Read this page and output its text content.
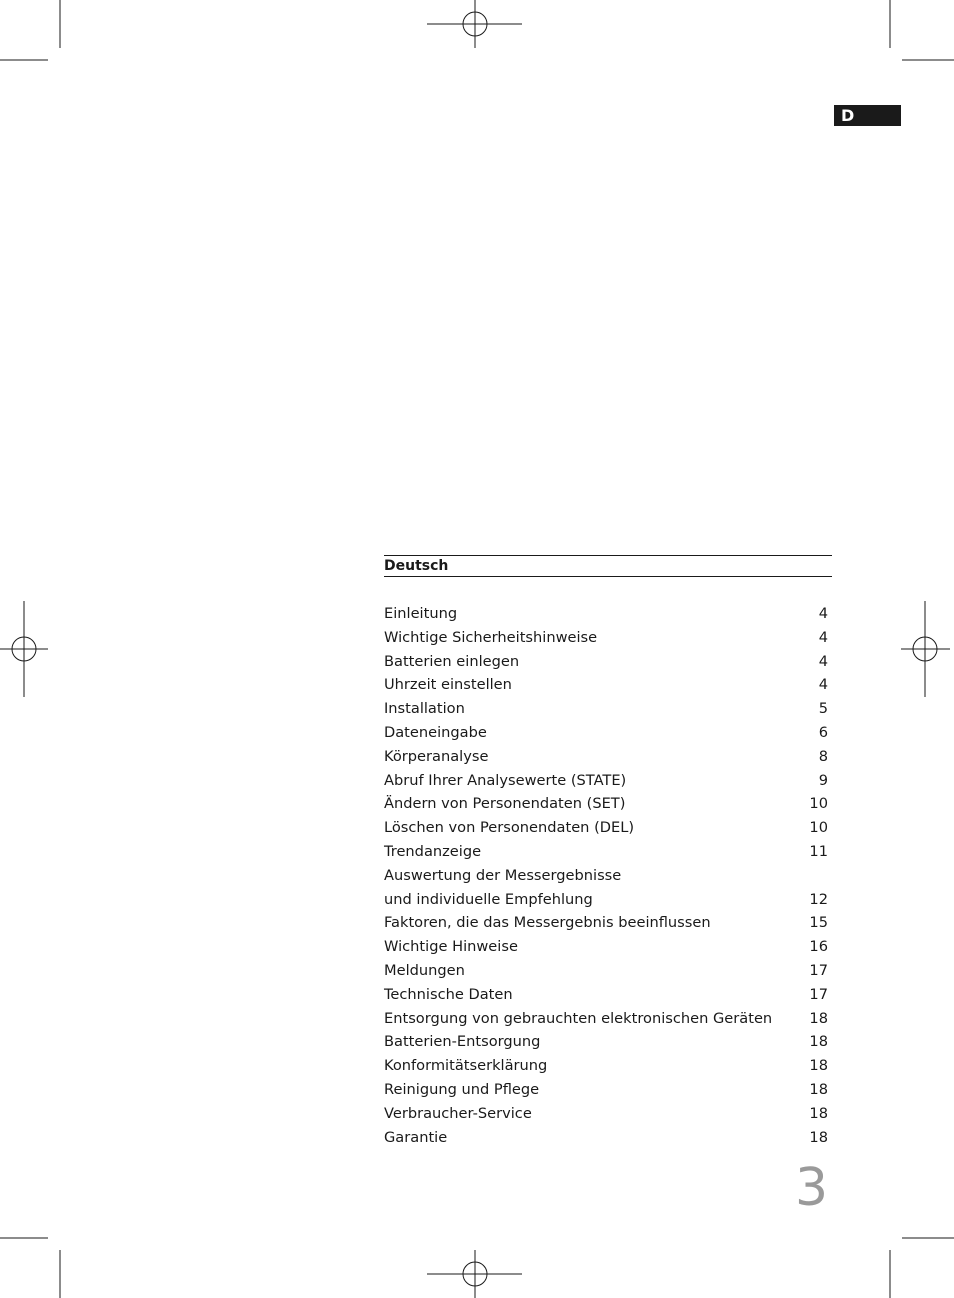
D
Deutsch
Einleitung	4
Wichtige Sicherheitshinweise	4
Batterien einlegen	4
Uhrzeit einstellen	4
Installation	5
Dateneingabe	6
Körperanalyse	8
Abruf Ihrer Analysewerte (STATE)	9
Ändern von Personendaten (SET)	10
Löschen von Personendaten (DEL)	10
Trendanzeige	11
Auswertung der Messergebnisse
und individuelle Empfehlung	12
Faktoren, die das Messergebnis beeinflussen	15
Wichtige Hinweise	16
Meldungen	17
Technische Daten	17
Entsorgung von gebrauchten elektronischen Geräten	18
Batterien-Entsorgung	18
Konformitätserklärung	18
Reinigung und Pflege	18
Verbraucher-Service	18
Garantie	18
3
